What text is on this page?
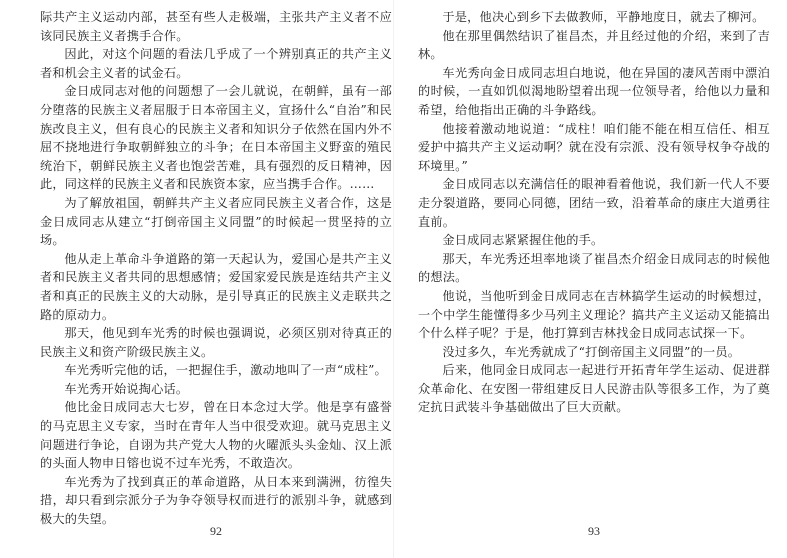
际共产主义运动内部，甚至有些人走极端，主张共产主义者不应该同民族主义者携手合作。

因此，对这个问题的看法几乎成了一个辨别真正的共产主义者和机会主义者的试金石。

金日成同志对他的问题想了一会儿就说，在朝鲜，虽有一部分堕落的民族主义者屈服于日本帝国主义，宣扬什么“自治”和民族改良主义，但有良心的民族主义者和知识分子依然在国内外不屈不挠地进行争取朝鲜独立的斗争；在日本帝国主义野蛮的殖民统治下，朝鲜民族主义者也饱尝苦难，具有强烈的反日精神，因此，同这样的民族主义者和民族资本家，应当携手合作。……

为了解放祖国，朝鲜共产主义者应同民族主义者合作，这是金日成同志从建立“打倒帝国主义同盟”的时候起一贯坚持的立场。

他从走上革命斗争道路的第一天起认为，爱国心是共产主义者和民族主义者共同的思想感情；爱国家爱民族是连结共产主义者和真正的民族主义的大动脉，是引导真正的民族主义走联共之路的原动力。

那天，他见到车光秀的时候也强调说，必须区别对待真正的民族主义和资产阶级民族主义。

车光秀听完他的话，一把握住手，激动地叫了一声“成柱”。

车光秀开始说掏心话。

他比金日成同志大七岁，曾在日本念过大学。他是享有盛誉的马克思主义专家，当时在青年人当中很受欢迎。就马克思主义问题进行争论，自诩为共产党大人物的火曜派头头金灿、汉上派的头面人物申日镕也说不过车光秀，不敢造次。

车光秀为了找到真正的革命道路，从日本来到满洲，彷徨失措，却只看到宗派分子为争夺领导权而进行的派别斗争，就感到极大的失望。

92

于是，他决心到乡下去做教师，平静地度日，就去了柳河。

他在那里偶然结识了崔昌杰，并且经过他的介绍，来到了吉林。

车光秀向金日成同志坦白地说，他在异国的凄风苦雨中漂泊的时候，一直如饥似渴地盼望着出现一位领导者，给他以力量和希望，给他指出正确的斗争路线。

他接着激动地说道：“成柱！咱们能不能在相互信任、相互爱护中搞共产主义运动啊？就在没有宗派、没有领导权争夺战的环境里。”

金日成同志以充满信任的眼神看着他说，我们新一代人不要走分裂道路，要同心同德，团结一致，沿着革命的康庄大道勇往直前。

金日成同志紧紧握住他的手。

那天，车光秀还坦率地谈了崔昌杰介绍金日成同志的时候他的想法。

他说，当他听到金日成同志在吉林搞学生运动的时候想过，一个中学生能懂得多少马列主义理论？搞共产主义运动又能搞出个什么样子呢？于是，他打算到吉林找金日成同志试探一下。

没过多久，车光秀就成了“打倒帝国主义同盟”的一员。

后来，他同金日成同志一起进行开拓青年学生运动、促进群众革命化、在安图一带组建反日人民游击队等很多工作，为了奠定抗日武装斗争基础做出了巨大贡献。

93
